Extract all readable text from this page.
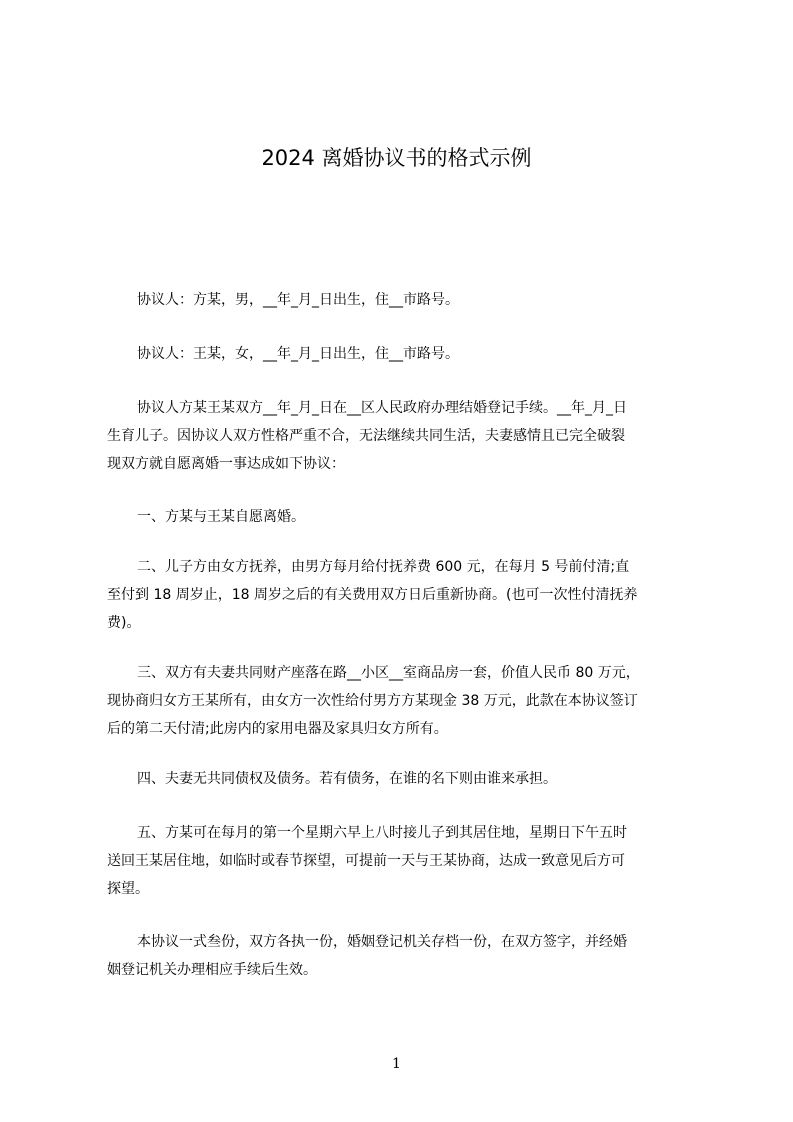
2024 离婚协议书的格式示例
协议人：方某，男，__年_月_日出生，住__市路号。
协议人：王某，女，__年_月_日出生，住__市路号。
协议人方某王某双方__年_月_日在__区人民政府办理结婚登记手续。__年_月_日
生育儿子。因协议人双方性格严重不合，无法继续共同生活，夫妻感情且已完全破裂
现双方就自愿离婚一事达成如下协议：
一、方某与王某自愿离婚。
二、儿子方由女方抚养，由男方每月给付抚养费 600 元，在每月 5 号前付清;直
至付到 18 周岁止，18 周岁之后的有关费用双方日后重新协商。(也可一次性付清抚养
费)。
三、双方有夫妻共同财产座落在路__小区__室商品房一套，价值人民币 80 万元，
现协商归女方王某所有，由女方一次性给付男方方某现金 38 万元，此款在本协议签订
后的第二天付清;此房内的家用电器及家具归女方所有。
四、夫妻无共同债权及债务。若有债务，在谁的名下则由谁来承担。
五、方某可在每月的第一个星期六早上八时接儿子到其居住地，星期日下午五时
送回王某居住地，如临时或春节探望，可提前一天与王某协商，达成一致意见后方可
探望。
本协议一式叁份，双方各执一份，婚姻登记机关存档一份，在双方签字，并经婚
姻登记机关办理相应手续后生效。
1
